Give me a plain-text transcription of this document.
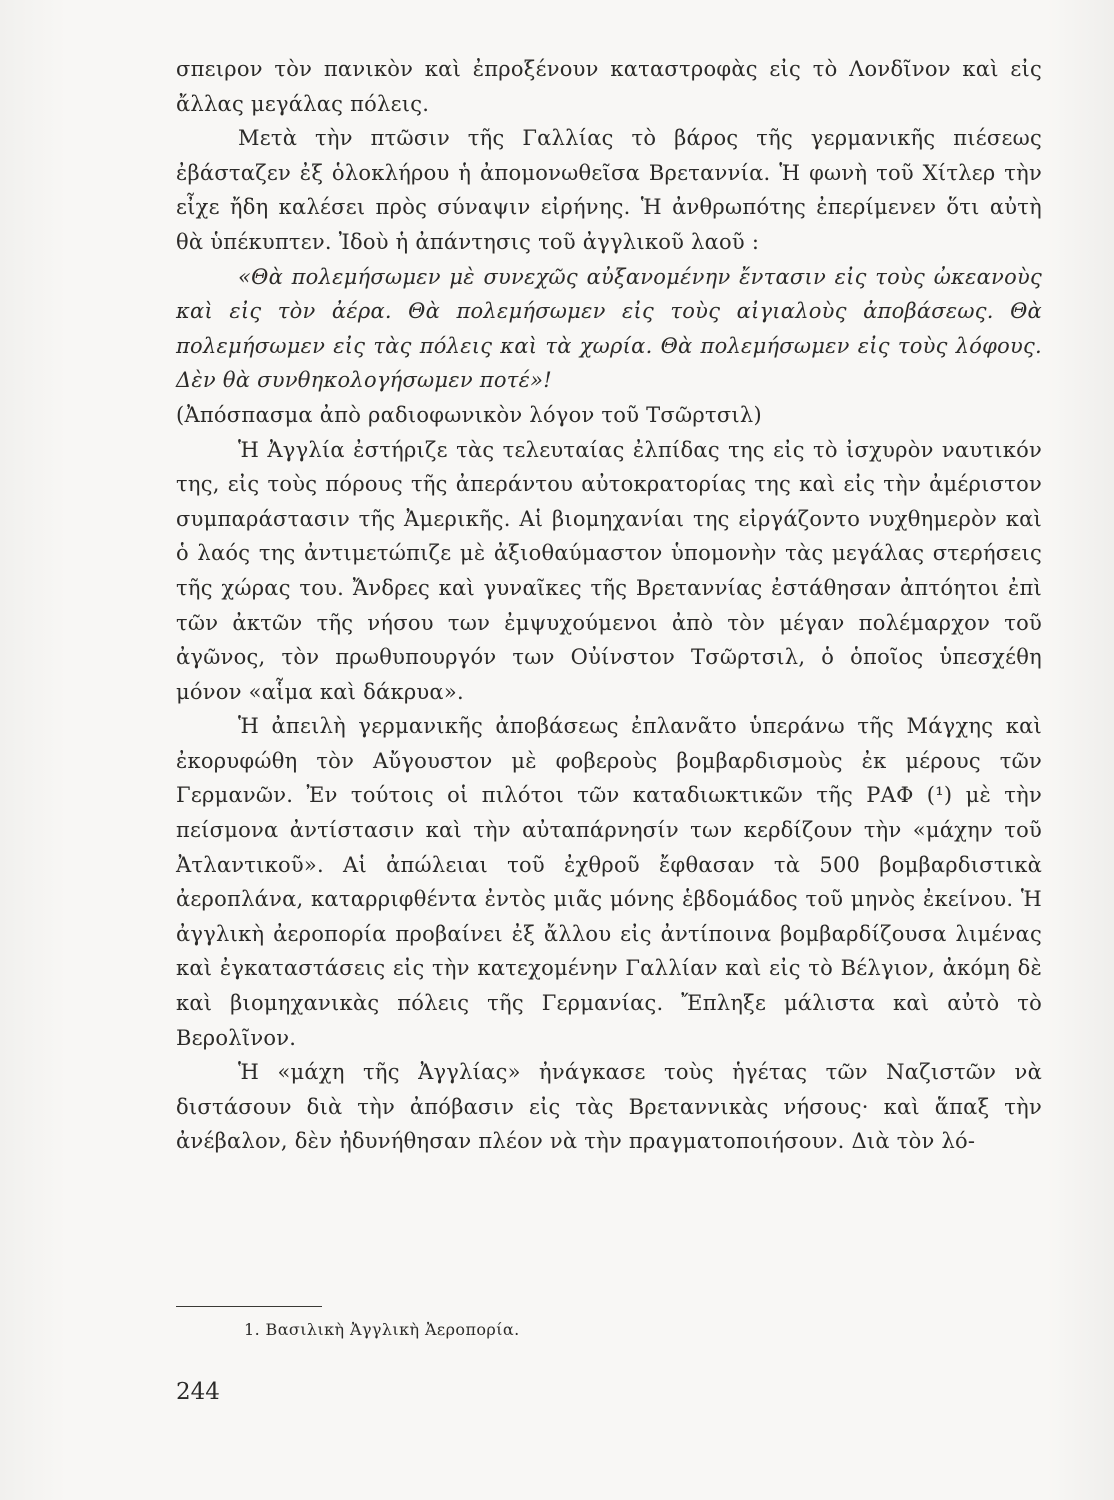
σπειρον τὸν πανικὸν καὶ ἐπροξένουν καταστροφὰς εἰς τὸ Λονδῖνον καὶ εἰς ἄλλας μεγάλας πόλεις.

Μετὰ τὴν πτῶσιν τῆς Γαλλίας τὸ βάρος τῆς γερμανικῆς πιέσεως ἐβάσταζεν ἐξ ὁλοκλήρου ἡ ἀπομονωθεῖσα Βρεταννία. Ἡ φωνὴ τοῦ Χίτλερ τὴν εἶχε ἤδη καλέσει πρὸς σύναψιν εἰρήνης. Ἡ ἀνθρωπότης ἐπερίμενεν ὅτι αὐτὴ θὰ ὑπέκυπτεν. Ἰδοὺ ἡ ἀπάντησις τοῦ ἀγγλικοῦ λαοῦ :

«Θὰ πολεμήσωμεν μὲ συνεχῶς αὐξανομένην ἔντασιν εἰς τοὺς ὠκεανοὺς καὶ εἰς τὸν ἀέρα. Θὰ πολεμήσωμεν εἰς τοὺς αἰγιαλοὺς ἀποβάσεως. Θὰ πολεμήσωμεν εἰς τὰς πόλεις καὶ τὰ χωρία. Θὰ πολεμήσωμεν εἰς τοὺς λόφους. Δὲν θὰ συνθηκολογήσωμεν ποτέ»!

(Ἀπόσπασμα ἀπὸ ραδιοφωνικὸν λόγον τοῦ Τσῶρτσιλ)

Ἡ Ἀγγλία ἐστήριζε τὰς τελευταίας ἐλπίδας της εἰς τὸ ἰσχυρὸν ναυτικόν της, εἰς τοὺς πόρους τῆς ἀπεράντου αὐτοκρατορίας της καὶ εἰς τὴν ἀμέριστον συμπαράστασιν τῆς Ἀμερικῆς. Αἱ βιομηχανίαι της εἰργάζοντο νυχθημερὸν καὶ ὁ λαός της ἀντιμετώπιζε μὲ ἀξιοθαύμαστον ὑπομονὴν τὰς μεγάλας στερήσεις τῆς χώρας του. Ἄνδρες καὶ γυναῖκες τῆς Βρεταννίας ἐστάθησαν ἀπτόητοι ἐπὶ τῶν ἀκτῶν τῆς νήσου των ἐμψυχούμενοι ἀπὸ τὸν μέγαν πολέμαρχον τοῦ ἀγῶνος, τὸν πρωθυπουργόν των Οὐίνστον Τσῶρτσιλ, ὁ ὁποῖος ὑπεσχέθη μόνον «αἷμα καὶ δάκρυα».

Ἡ ἀπειλὴ γερμανικῆς ἀποβάσεως ἐπλανᾶτο ὑπεράνω τῆς Μάγχης καὶ ἐκορυφώθη τὸν Αὔγουστον μὲ φοβεροὺς βομβαρδισμοὺς ἐκ μέρους τῶν Γερμανῶν. Ἐν τούτοις οἱ πιλότοι τῶν καταδιωκτικῶν τῆς ΡΑΦ (¹) μὲ τὴν πείσμονα ἀντίστασιν καὶ τὴν αὐταπάρνησίν των κερδίζουν τὴν «μάχην τοῦ Ἀτλαντικοῦ». Αἱ ἀπώλειαι τοῦ ἐχθροῦ ἔφθασαν τὰ 500 βομβαρδιστικὰ ἀεροπλάνα, καταρριφθέντα ἐντὸς μιᾶς μόνης ἑβδομάδος τοῦ μηνὸς ἐκείνου. Ἡ ἀγγλικὴ ἀεροπορία προβαίνει ἐξ ἄλλου εἰς ἀντίποινα βομβαρδίζουσα λιμένας καὶ ἐγκαταστάσεις εἰς τὴν κατεχομένην Γαλλίαν καὶ εἰς τὸ Βέλγιον, ἀκόμη δὲ καὶ βιομηχανικὰς πόλεις τῆς Γερμανίας. Ἔπληξε μάλιστα καὶ αὐτὸ τὸ Βερολῖνον.

Ἡ «μάχη τῆς Ἀγγλίας» ἠνάγκασε τοὺς ἡγέτας τῶν Ναζιστῶν νὰ διστάσουν διὰ τὴν ἀπόβασιν εἰς τὰς Βρεταννικὰς νήσους· καὶ ἅπαξ τὴν ἀνέβαλον, δὲν ἠδυνήθησαν πλέον νὰ τὴν πραγματοποιήσουν. Διὰ τὸν λό-

1. Βασιλικὴ Ἀγγλικὴ Ἀεροπορία.
244
